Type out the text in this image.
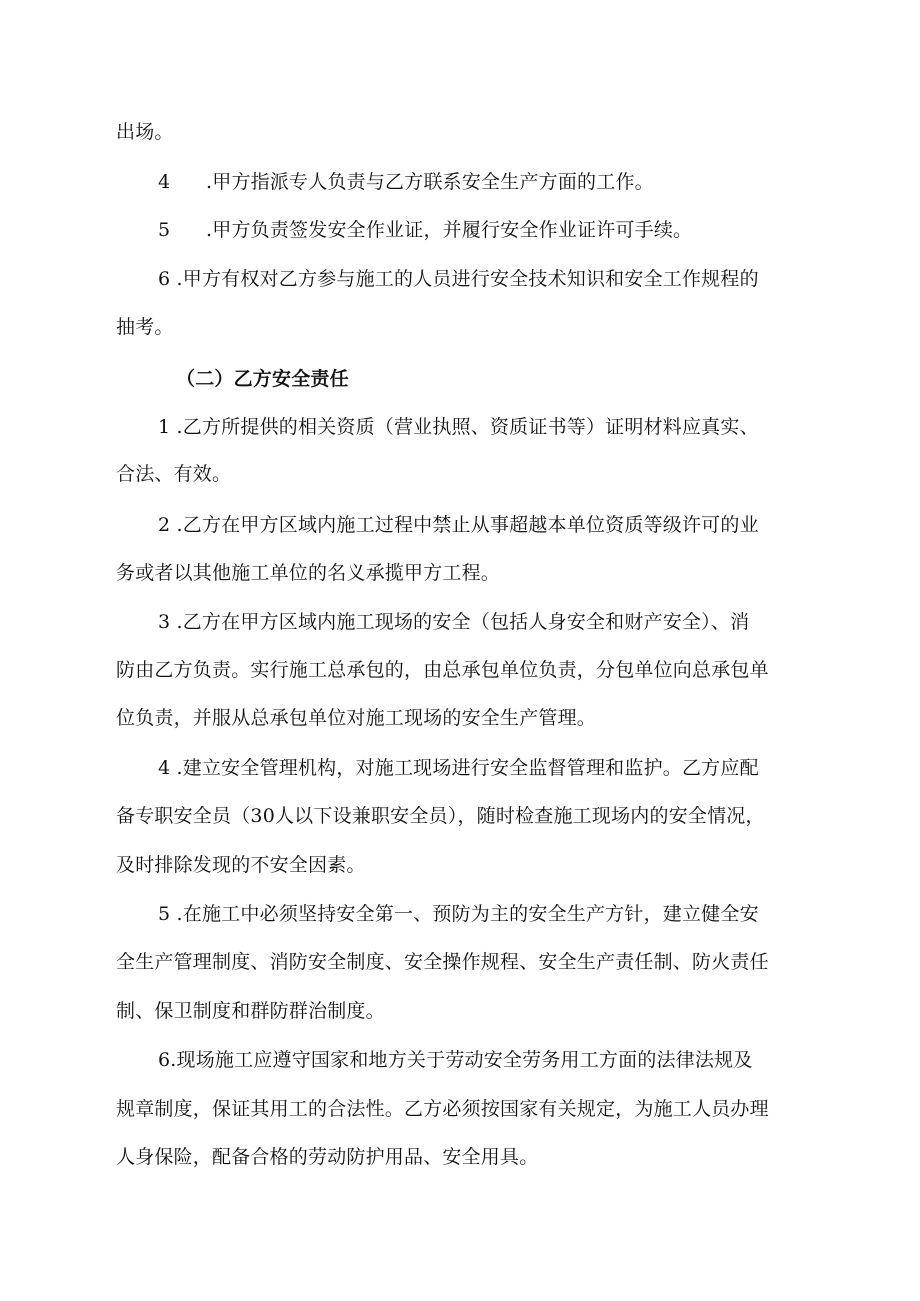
出场。
4 .甲方指派专人负责与乙方联系安全生产方面的工作。
5 .甲方负责签发安全作业证，并履行安全作业证许可手续。
6 .甲方有权对乙方参与施工的人员进行安全技术知识和安全工作规程的
抽考。
（二）乙方安全责任
1 .乙方所提供的相关资质（营业执照、资质证书等）证明材料应真实、
合法、有效。
2 .乙方在甲方区域内施工过程中禁止从事超越本单位资质等级许可的业
务或者以其他施工单位的名义承揽甲方工程。
3 .乙方在甲方区域内施工现场的安全（包括人身安全和财产安全）、消
防由乙方负责。实行施工总承包的，由总承包单位负责，分包单位向总承包单
位负责，并服从总承包单位对施工现场的安全生产管理。
4 .建立安全管理机构，对施工现场进行安全监督管理和监护。乙方应配
备专职安全员（30人以下设兼职安全员），随时检查施工现场内的安全情况，
及时排除发现的不安全因素。
5 .在施工中必须坚持安全第一、预防为主的安全生产方针，建立健全安
全生产管理制度、消防安全制度、安全操作规程、安全生产责任制、防火责任
制、保卫制度和群防群治制度。
6.现场施工应遵守国家和地方关于劳动安全劳务用工方面的法律法规及
规章制度，保证其用工的合法性。乙方必须按国家有关规定，为施工人员办理
人身保险，配备合格的劳动防护用品、安全用具。
